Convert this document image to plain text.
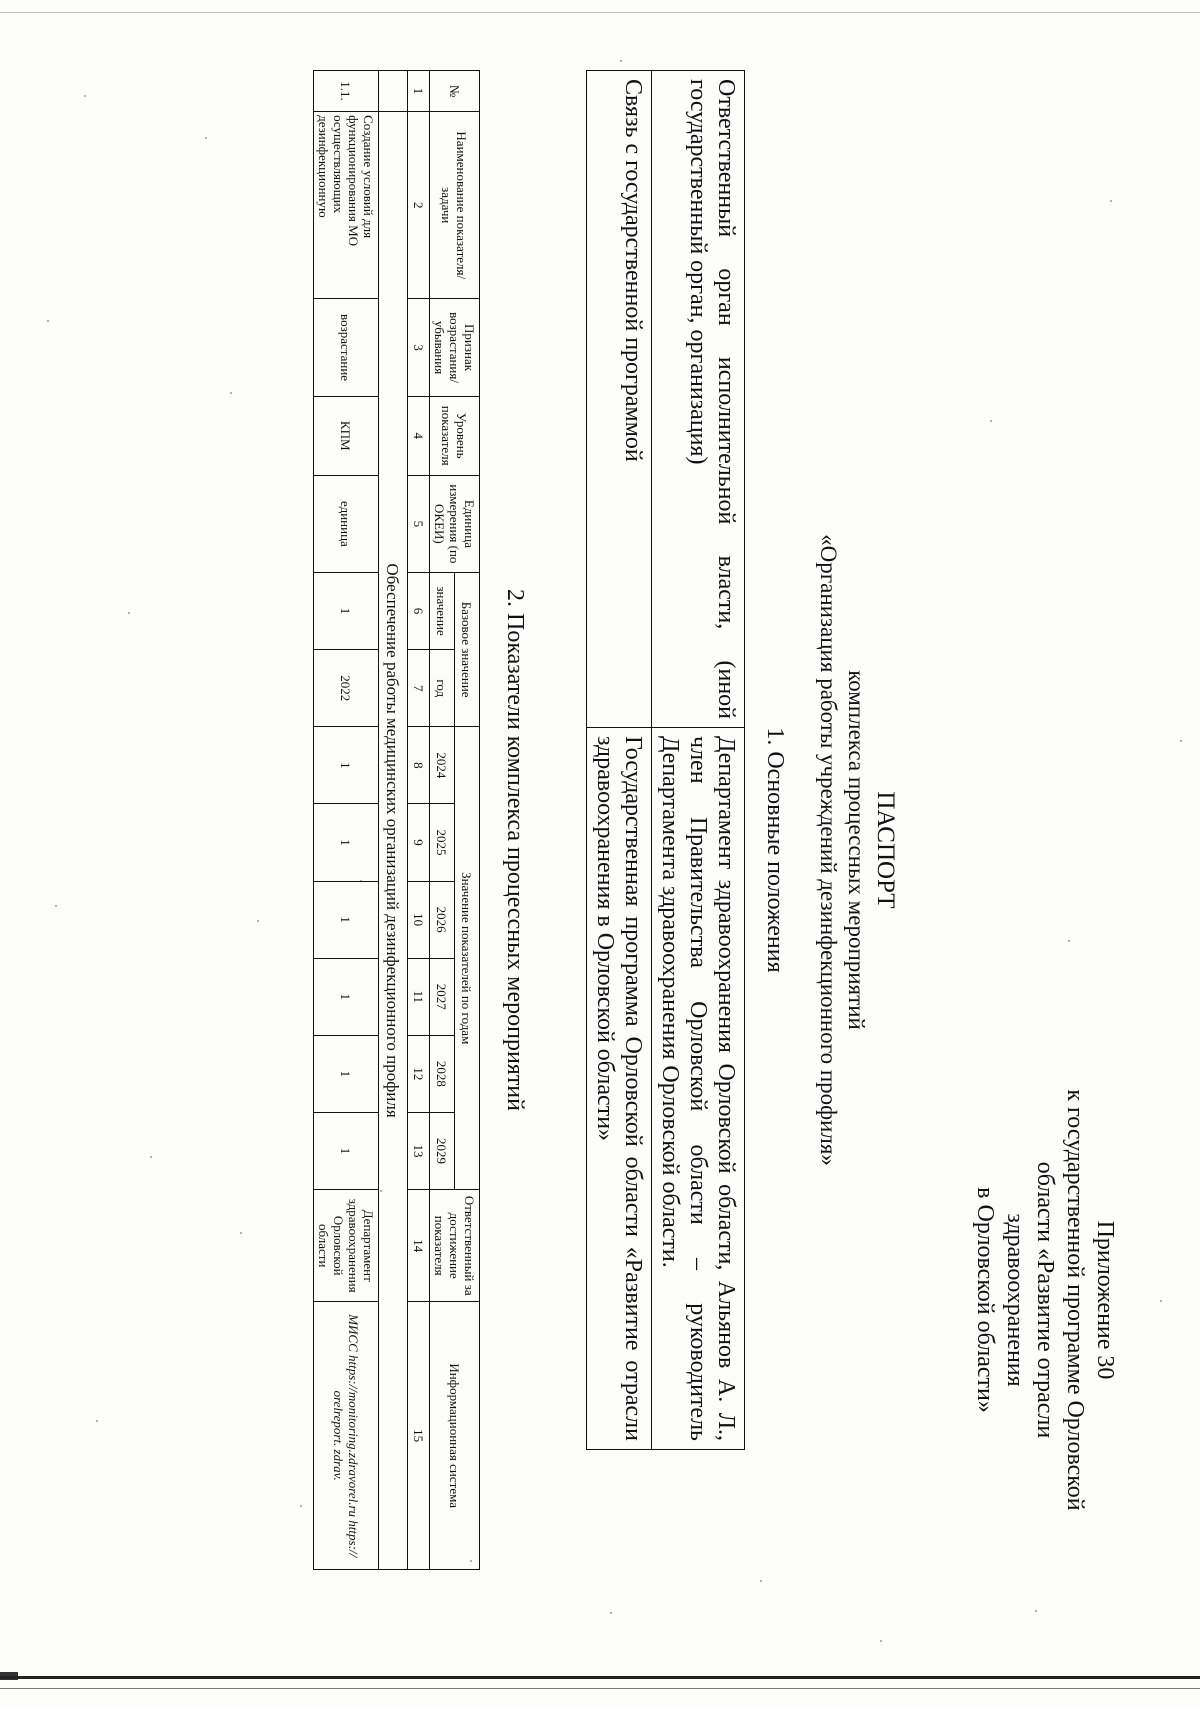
Приложение 30
к государственной программе Орловской
области «Развитие отрасли здравоохранения
в Орловской области»
ПАСПОРТ
комплекса процессных мероприятий
«Организация работы учреждений дезинфекционного профиля»
1. Основные положения
Ответственный орган исполнительной власти, (иной государственный орган, организация)	Департамент здравоохранения Орловской области, Альянов А. Л., член Правительства Орловской области – руководитель Департамента здравоохранения Орловской области.
Связь с государственной программой	Государственная программа Орловской области «Развитие отрасли здравоохранения в Орловской области»
2. Показатели комплекса процессных мероприятий
№	Наименование показателя/задачи	Признак возрастания/ убывания	Уровень показателя	Единица измерения (по ОКЕИ)	Базовое значение		Значение показателей по годам						Ответственный за достижение показателя	Информационная система
					значение	год	2024	2025	2026	2027	2028	2029		
1	2	3	4	5	6	7	8	9	10	11	12	13	14	15
	Обеспечение работы медицинских организаций дезинфекционного профиля													
1.1.	Создание условий для функционирования МО осуществляющих дезинфекционную	возрастание	КПМ	единица	1	2022	1	1	1	1	1	1	Департамент здравоохранения Орловской области	МИСС https://monitoring.zdravorel.ru https:// orelreport. zdrav.
